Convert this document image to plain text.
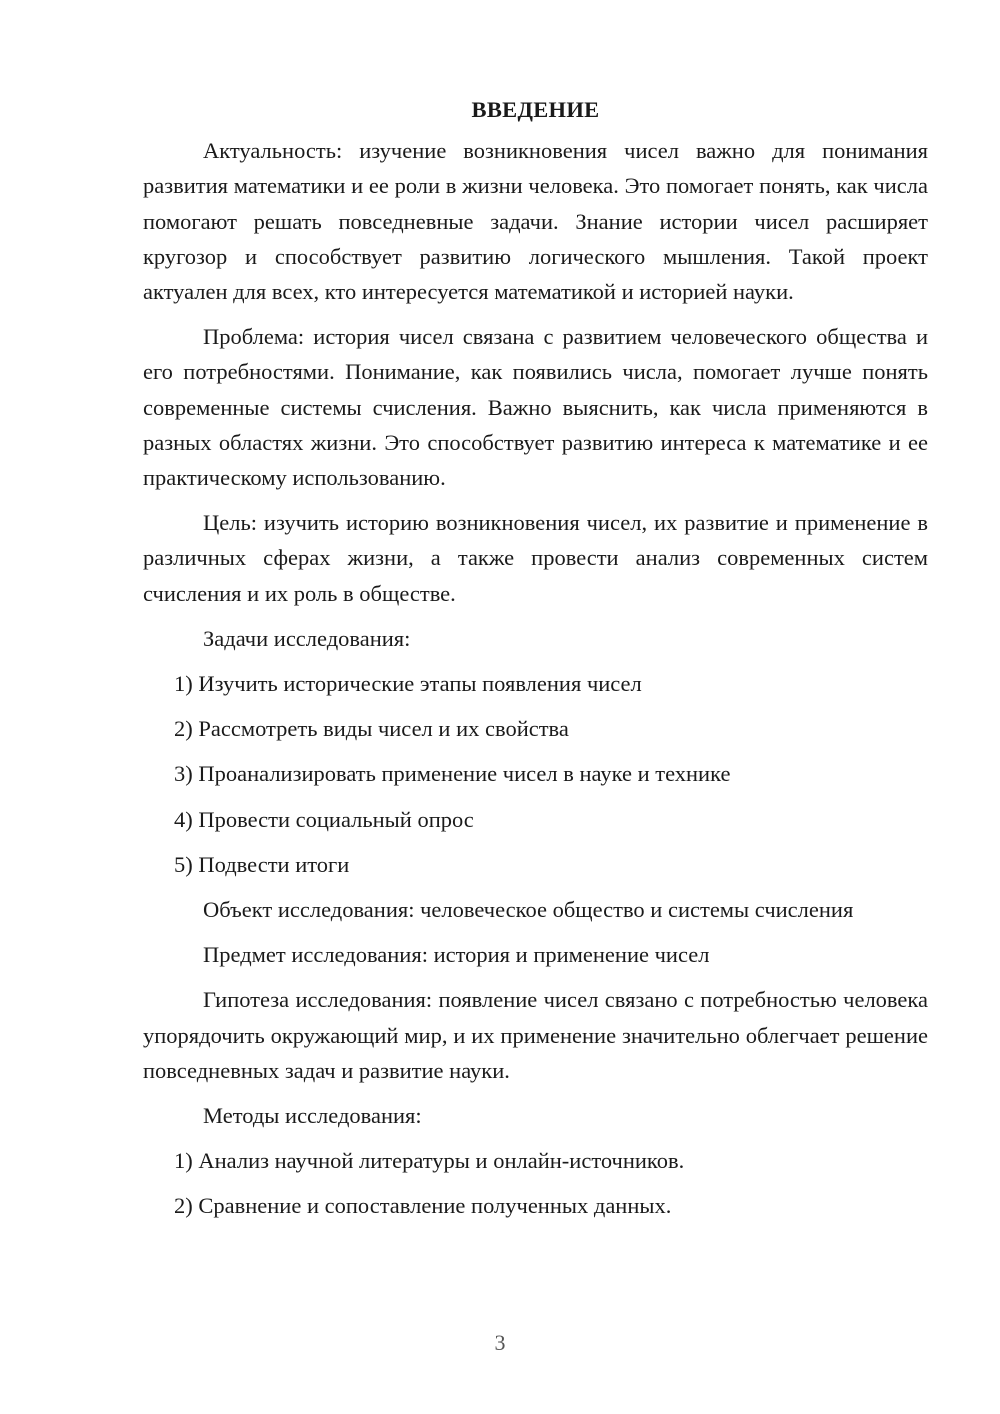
ВВЕДЕНИЕ

Актуальность: изучение возникновения чисел важно для понимания развития математики и ее роли в жизни человека. Это помогает понять, как числа помогают решать повседневные задачи. Знание истории чисел расширяет кругозор и способствует развитию логического мышления. Такой проект актуален для всех, кто интересуется математикой и историей науки.

Проблема: история чисел связана с развитием человеческого общества и его потребностями. Понимание, как появились числа, помогает лучше понять современные системы счисления. Важно выяснить, как числа применяются в разных областях жизни. Это способствует развитию интереса к математике и ее практическому использованию.

Цель: изучить историю возникновения чисел, их развитие и применение в различных сферах жизни, а также провести анализ современных систем счисления и их роль в обществе.

Задачи исследования:
1) Изучить исторические этапы появления чисел
2) Рассмотреть виды чисел и их свойства
3) Проанализировать применение чисел в науке и технике
4) Провести социальный опрос
5) Подвести итоги
Объект исследования: человеческое общество и системы счисления
Предмет исследования: история и применение чисел

Гипотеза исследования: появление чисел связано с потребностью человека упорядочить окружающий мир, и их применение значительно облегчает решение повседневных задач и развитие науки.

Методы исследования:
1) Анализ научной литературы и онлайн-источников.
2) Сравнение и сопоставление полученных данных.
3
